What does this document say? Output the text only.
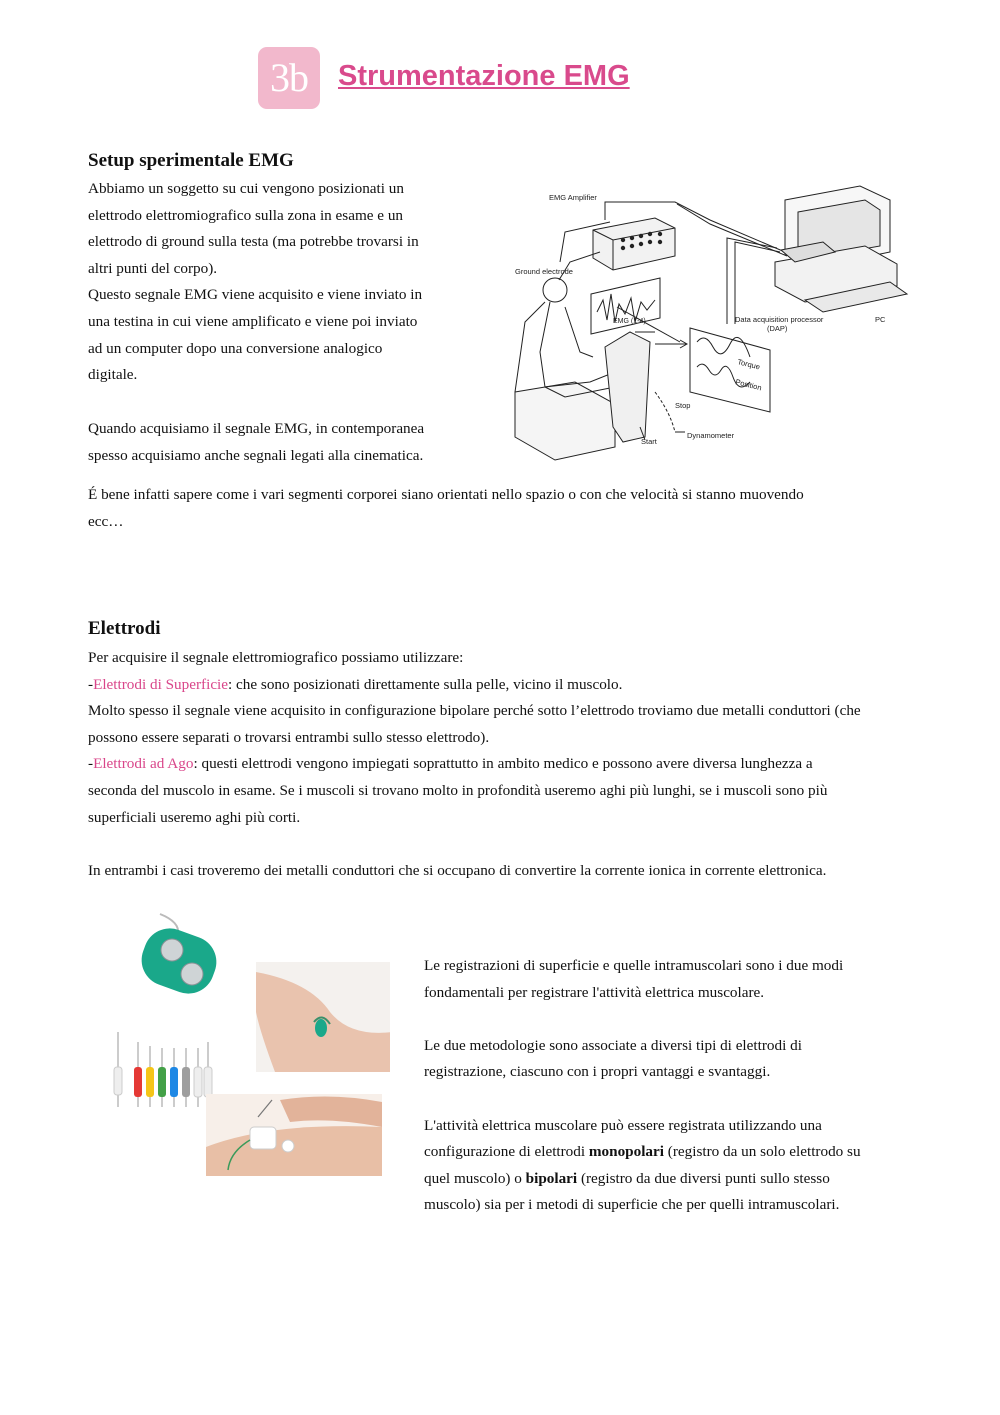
3b Strumentazione EMG
Setup sperimentale EMG
Abbiamo un soggetto su cui vengono posizionati un
elettrodo elettromiografico sulla zona in esame e un
elettrodo di ground sulla testa (ma potrebbe trovarsi in
altri punti del corpo).
Questo segnale EMG viene acquisito e viene inviato in
una testina in cui viene amplificato e viene poi inviato
ad un computer dopo una conversione analogico
digitale.
Quando acquisiamo il segnale EMG, in contemporanea
spesso acquisiamo anche segnali legati alla cinematica.
É bene infatti sapere come i vari segmenti corporei siano orientati nello spazio o con che velocità si stanno muovendo
ecc…
EMG Amplifier
Ground electrode
EMG (1-4)	Data acquisition processor
(DAP)
PC
Torque
Position
Stop
Start
Dynamometer
Elettrodi
Per acquisire il segnale elettromiografico possiamo utilizzare:
-Elettrodi di Superficie: che sono posizionati direttamente sulla pelle, vicino il muscolo.
Molto spesso il segnale viene acquisito in configurazione bipolare perché sotto l’elettrodo troviamo due metalli conduttori (che
possono essere separati o trovarsi entrambi sullo stesso elettrodo).
-Elettrodi ad Ago: questi elettrodi vengono impiegati soprattutto in ambito medico e possono avere diversa lunghezza a
seconda del muscolo in esame. Se i muscoli si trovano molto in profondità useremo aghi più lunghi, se i muscoli sono più
superficiali useremo aghi più corti.
In entrambi i casi troveremo dei metalli conduttori che si occupano di convertire la corrente ionica in corrente elettronica.
Le registrazioni di superficie e quelle intramuscolari sono i due modi
fondamentali per registrare l'attività elettrica muscolare.
Le due metodologie sono associate a diversi tipi di elettrodi di
registrazione, ciascuno con i propri vantaggi e svantaggi.
L'attività elettrica muscolare può essere registrata utilizzando una
configurazione di elettrodi monopolari (registro da un solo elettrodo su
quel muscolo) o bipolari (registro da due diversi punti sullo stesso
muscolo) sia per i metodi di superficie che per quelli intramuscolari.
